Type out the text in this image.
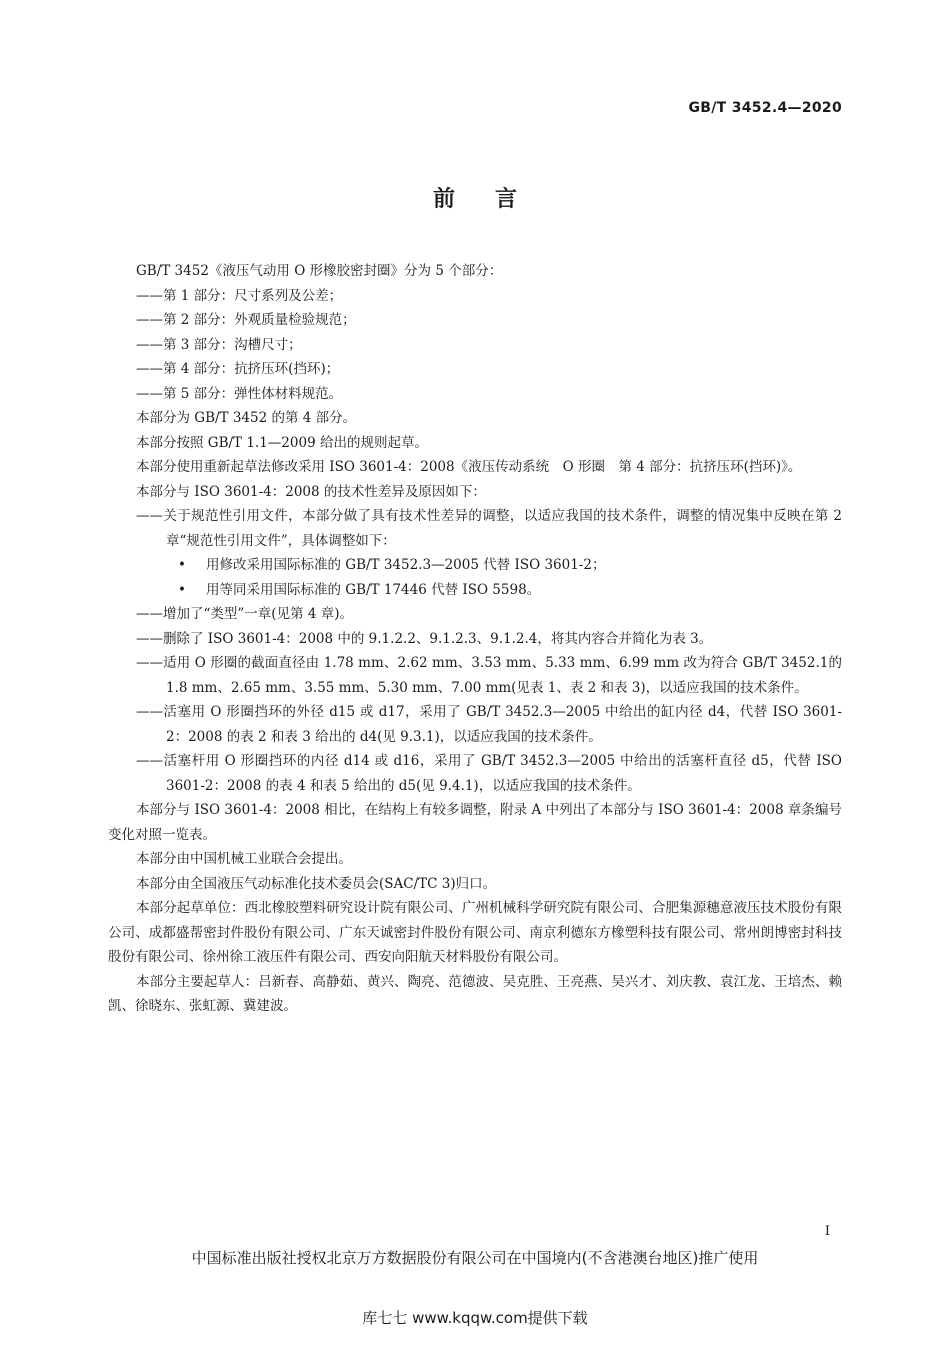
GB/T 3452.4—2020
前言

GB/T 3452《液压气动用 O 形橡胶密封圈》分为 5 个部分：

——第 1 部分：尺寸系列及公差；

——第 2 部分：外观质量检验规范；

——第 3 部分：沟槽尺寸；

——第 4 部分：抗挤压环(挡环)；

——第 5 部分：弹性体材料规范。

本部分为 GB/T 3452 的第 4 部分。

本部分按照 GB/T 1.1—2009 给出的规则起草。

本部分使用重新起草法修改采用 ISO 3601-4：2008《液压传动系统　O 形圈　第 4 部分：抗挤压环(挡环)》。

本部分与 ISO 3601-4：2008 的技术性差异及原因如下：

——关于规范性引用文件，本部分做了具有技术性差异的调整，以适应我国的技术条件，调整的情况集中反映在第 2 章“规范性引用文件”，具体调整如下：

• 用修改采用国际标准的 GB/T 3452.3—2005 代替 ISO 3601-2；

• 用等同采用国际标准的 GB/T 17446 代替 ISO 5598。

——增加了“类型”一章(见第 4 章)。

——删除了 ISO 3601-4：2008 中的 9.1.2.2、9.1.2.3、9.1.2.4，将其内容合并简化为表 3。

——适用 O 形圈的截面直径由 1.78 mm、2.62 mm、3.53 mm、5.33 mm、6.99 mm 改为符合 GB/T 3452.1的 1.8 mm、2.65 mm、3.55 mm、5.30 mm、7.00 mm(见表 1、表 2 和表 3)，以适应我国的技术条件。

——活塞用 O 形圈挡环的外径 d15 或 d17，采用了 GB/T 3452.3—2005 中给出的缸内径 d4，代替 ISO 3601-2：2008 的表 2 和表 3 给出的 d4(见 9.3.1)，以适应我国的技术条件。

——活塞杆用 O 形圈挡环的内径 d14 或 d16，采用了 GB/T 3452.3—2005 中给出的活塞杆直径 d5，代替 ISO 3601-2：2008 的表 4 和表 5 给出的 d5(见 9.4.1)，以适应我国的技术条件。

本部分与 ISO 3601-4：2008 相比，在结构上有较多调整，附录 A 中列出了本部分与 ISO 3601-4：2008 章条编号变化对照一览表。

本部分由中国机械工业联合会提出。

本部分由全国液压气动标准化技术委员会(SAC/TC 3)归口。

本部分起草单位：西北橡胶塑料研究设计院有限公司、广州机械科学研究院有限公司、合肥集源穗意液压技术股份有限公司、成都盛帮密封件股份有限公司、广东天诚密封件股份有限公司、南京利德东方橡塑科技有限公司、常州朗博密封科技股份有限公司、徐州徐工液压件有限公司、西安向阳航天材料股份有限公司。

本部分主要起草人：吕新春、高静茹、黄兴、陶亮、范德波、吴克胜、王亮燕、吴兴才、刘庆教、袁江龙、王培杰、赖凯、徐晓东、张虹源、冀建波。

I
中国标准出版社授权北京万方数据股份有限公司在中国境内(不含港澳台地区)推广使用
库七七 www.kqqw.com提供下载
